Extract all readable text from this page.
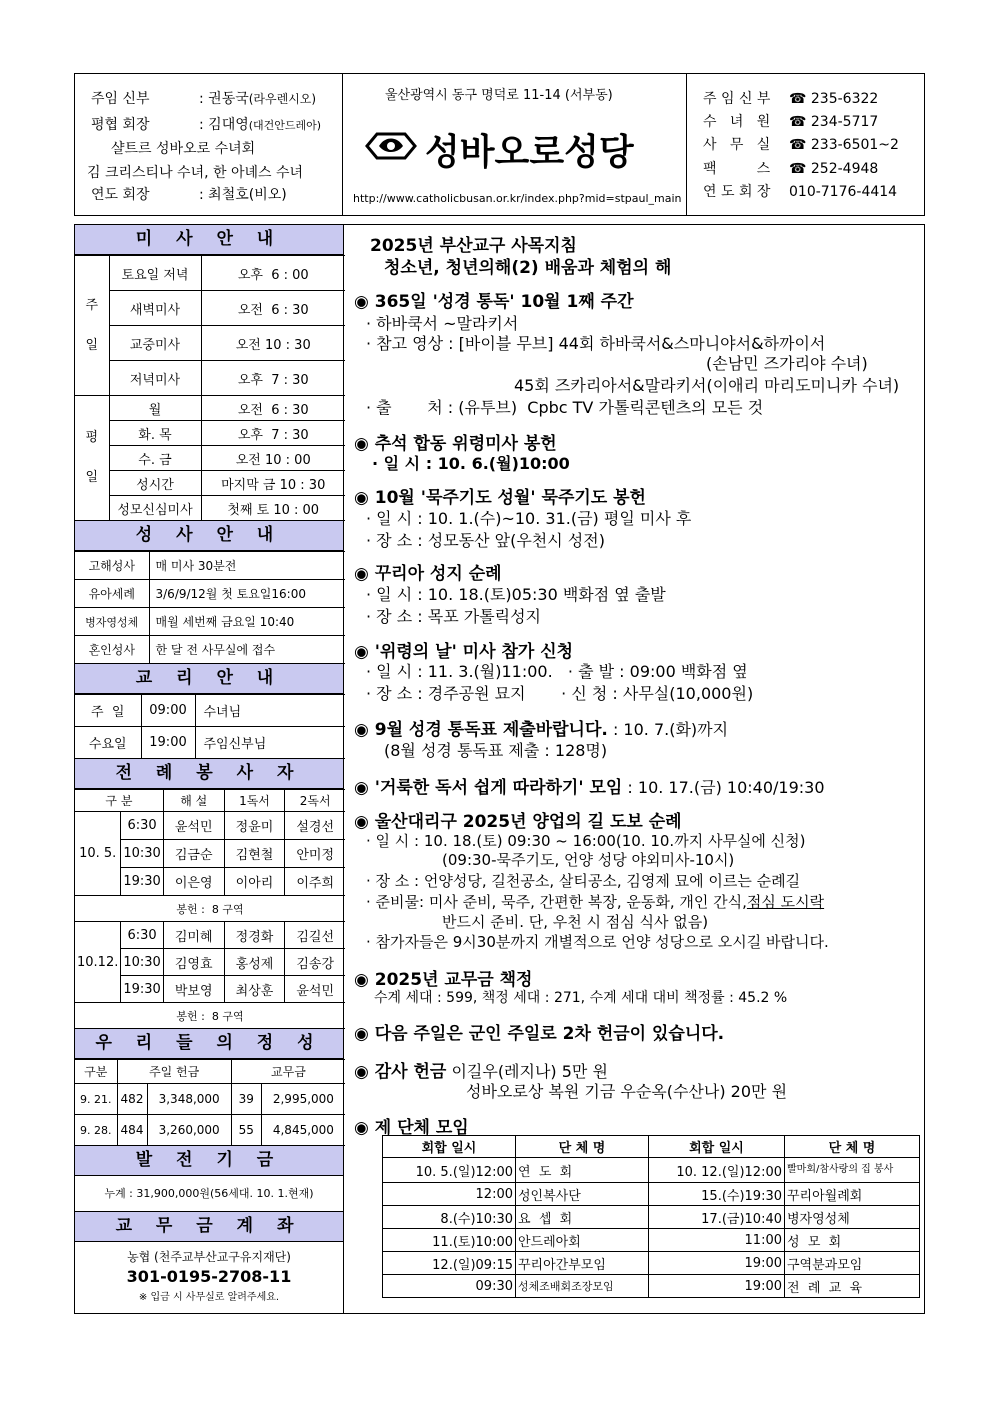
주임 신부	: 권동국(라우렌시오)
평협 회장	: 김대영(대건안드레아)
샬트르 성바오로 수녀회
김 크리스티나 수녀, 한 아녜스 수녀
연도 회장	: 최철호(비오)
울산광역시 동구 명덕로 11-14 (서부동)
성바오로성당
http://www.catholicbusan.or.kr/index.php?mid=stpaul_main
주 임 신 부 ☎ 235-6322
수   녀   원 ☎ 234-5717
사   무   실 ☎ 233-6501~2
팩         스 ☎ 252-4948
연 도 회 장 010-7176-4414
미 사 안 내
주
일	토요일 저녁	오후  6 : 00
	새벽미사	오전  6 : 30
	교중미사	오전 10 : 30
	저녁미사	오후  7 : 30
평
일	월	오전  6 : 30
	화. 목	오후  7 : 30
	수. 금	오전 10 : 00
	성시간	마지막 금 10 : 30
	성모신심미사	첫째 토 10 : 00
성 사 안 내
고해성사	매 미사 30분전
유아세례	3/6/9/12월 첫 토요일16:00
병자영성체	매월 세번째 금요일 10:40
혼인성사	한 달 전 사무실에 접수
교 리 안 내
주  일	09:00	수녀님
수요일	19:00	주임신부님
전 례 봉 사 자
구 분		해 설	1독서	2독서
10. 5.	6:30	윤석민	정윤미	설경선
	10:30	김금순	김현철	안미정
	19:30	이은영	이아리	이주희
봉헌 :  8 구역				
10.12.	6:30	김미혜	정경화	김길선
	10:30	김영효	홍성제	김송강
	19:30	박보영	최상훈	윤석민
봉헌 :  8 구역				
우 리 들 의 정 성
구분	주일 헌금		교무금	
9. 21.	482	3,348,000	39	2,995,000
9. 28.	484	3,260,000	55	4,845,000
발 전 기 금
누계 : 31,900,000원(56세대. 10. 1.현재)
교 무 금 계 좌
농협 (천주교부산교구유지재단)
301-0195-2708-11
※ 입금 시 사무실로 알려주세요.
2025년 부산교구 사목지침
청소년, 청년의해(2) 배움과 체험의 해
◉ 365일 '성경 통독' 10월 1째 주간
· 하바쿡서 ~말라키서
· 참고 영상 : [바이블 무브] 44회 하바쿡서&스마니야서&하까이서
(손남민 즈가리야 수녀)
45회 즈카리아서&말라키서(이애리 마리도미니카 수녀)
· 출       처 : (유투브)  Cpbc TV 가톨릭콘텐츠의 모든 것
◉ 추석 합동 위령미사 봉헌
· 일 시 : 10. 6.(월)10:00
◉ 10월 '묵주기도 성월' 묵주기도 봉헌
· 일 시 : 10. 1.(수)~10. 31.(금) 평일 미사 후
· 장 소 : 성모동산 앞(우천시 성전)
◉ 꾸리아 성지 순례
· 일 시 : 10. 18.(토)05:30 백화점 옆 출발
· 장 소 : 목포 가톨릭성지
◉ '위령의 날' 미사 참가 신청
· 일 시 : 11. 3.(월)11:00.   · 출 발 : 09:00 백화점 옆
· 장 소 : 경주공원 묘지       · 신 청 : 사무실(10,000원)
◉ 9월 성경 통독표 제출바랍니다. : 10. 7.(화)까지
(8월 성경 통독표 제출 : 128명)
◉ '거룩한 독서 쉽게 따라하기' 모임 : 10. 17.(금) 10:40/19:30
◉ 울산대리구 2025년 양업의 길 도보 순례
· 일 시 : 10. 18.(토) 09:30 ~ 16:00(10. 10.까지 사무실에 신청)
(09:30-묵주기도, 언양 성당 야외미사-10시)
· 장 소 : 언양성당, 길천공소, 살티공소, 김영제 묘에 이르는 순례길
· 준비물: 미사 준비, 묵주, 간편한 복장, 운동화, 개인 간식,점심 도시락
반드시 준비. 단, 우천 시 점심 식사 없음)
· 참가자들은 9시30분까지 개별적으로 언양 성당으로 오시길 바랍니다.
◉ 2025년 교무금 책정
수계 세대 : 599, 책정 세대 : 271, 수계 세대 대비 책정률 : 45.2 %
◉ 다음 주일은 군인 주일로 2차 헌금이 있습니다.
◉ 감사 헌금 이길우(레지나) 5만 원
성바오로상 복원 기금 우순옥(수산나) 20만 원
◉ 제 단체 모임
회합 일시	단 체 명	회합 일시	단 체 명
10. 5.(일)12:00	연  도  회	10. 12.(일)12:00	빨마회/참사랑의 집 봉사
12:00	성인복사단	15.(수)19:30	꾸리아월례회
8.(수)10:30	요  셉  회	17.(금)10:40	병자영성체
11.(토)10:00	안드레아회	11:00	성  모  회
12.(일)09:15	꾸리아간부모임	19:00	구역분과모임
09:30	성체조배회조장모임	19:00	전  례  교  육
